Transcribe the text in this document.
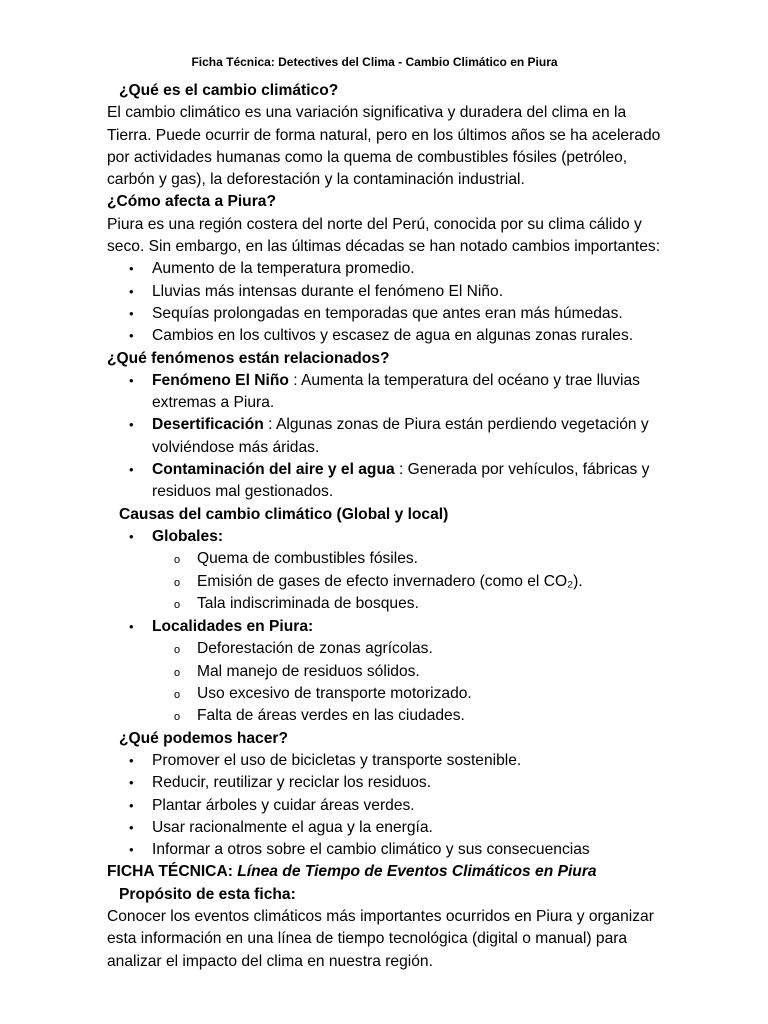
Ficha Técnica: Detectives del Clima - Cambio Climático en Piura
¿Qué es el cambio climático?

El cambio climático es una variación significativa y duradera del clima en la Tierra. Puede ocurrir de forma natural, pero en los últimos años se ha acelerado por actividades humanas como la quema de combustibles fósiles (petróleo, carbón y gas), la deforestación y la contaminación industrial.

¿Cómo afecta a Piura?

Piura es una región costera del norte del Perú, conocida por su clima cálido y seco. Sin embargo, en las últimas décadas se han notado cambios importantes:

• Aumento de la temperatura promedio.
• Lluvias más intensas durante el fenómeno El Niño.
• Sequías prolongadas en temporadas que antes eran más húmedas.
• Cambios en los cultivos y escasez de agua en algunas zonas rurales.
¿Qué fenómenos están relacionados?
• Fenómeno El Niño : Aumenta la temperatura del océano y trae lluvias extremas a Piura.
• Desertificación : Algunas zonas de Piura están perdiendo vegetación y volviéndose más áridas.
• Contaminación del aire y el agua : Generada por vehículos, fábricas y residuos mal gestionados.
Causas del cambio climático (Global y local)
• Globales:
o Quema de combustibles fósiles.
o Emisión de gases de efecto invernadero (como el CO₂).
o Tala indiscriminada de bosques.
• Localidades en Piura:
o Deforestación de zonas agrícolas.
o Mal manejo de residuos sólidos.
o Uso excesivo de transporte motorizado.
o Falta de áreas verdes en las ciudades.
¿Qué podemos hacer?
• Promover el uso de bicicletas y transporte sostenible.
• Reducir, reutilizar y reciclar los residuos.
• Plantar árboles y cuidar áreas verdes.
• Usar racionalmente el agua y la energía.
• Informar a otros sobre el cambio climático y sus consecuencias
FICHA TÉCNICA: Línea de Tiempo de Eventos Climáticos en Piura
Propósito de esta ficha:

Conocer los eventos climáticos más importantes ocurridos en Piura y organizar esta información en una línea de tiempo tecnológica (digital o manual) para analizar el impacto del clima en nuestra región.
